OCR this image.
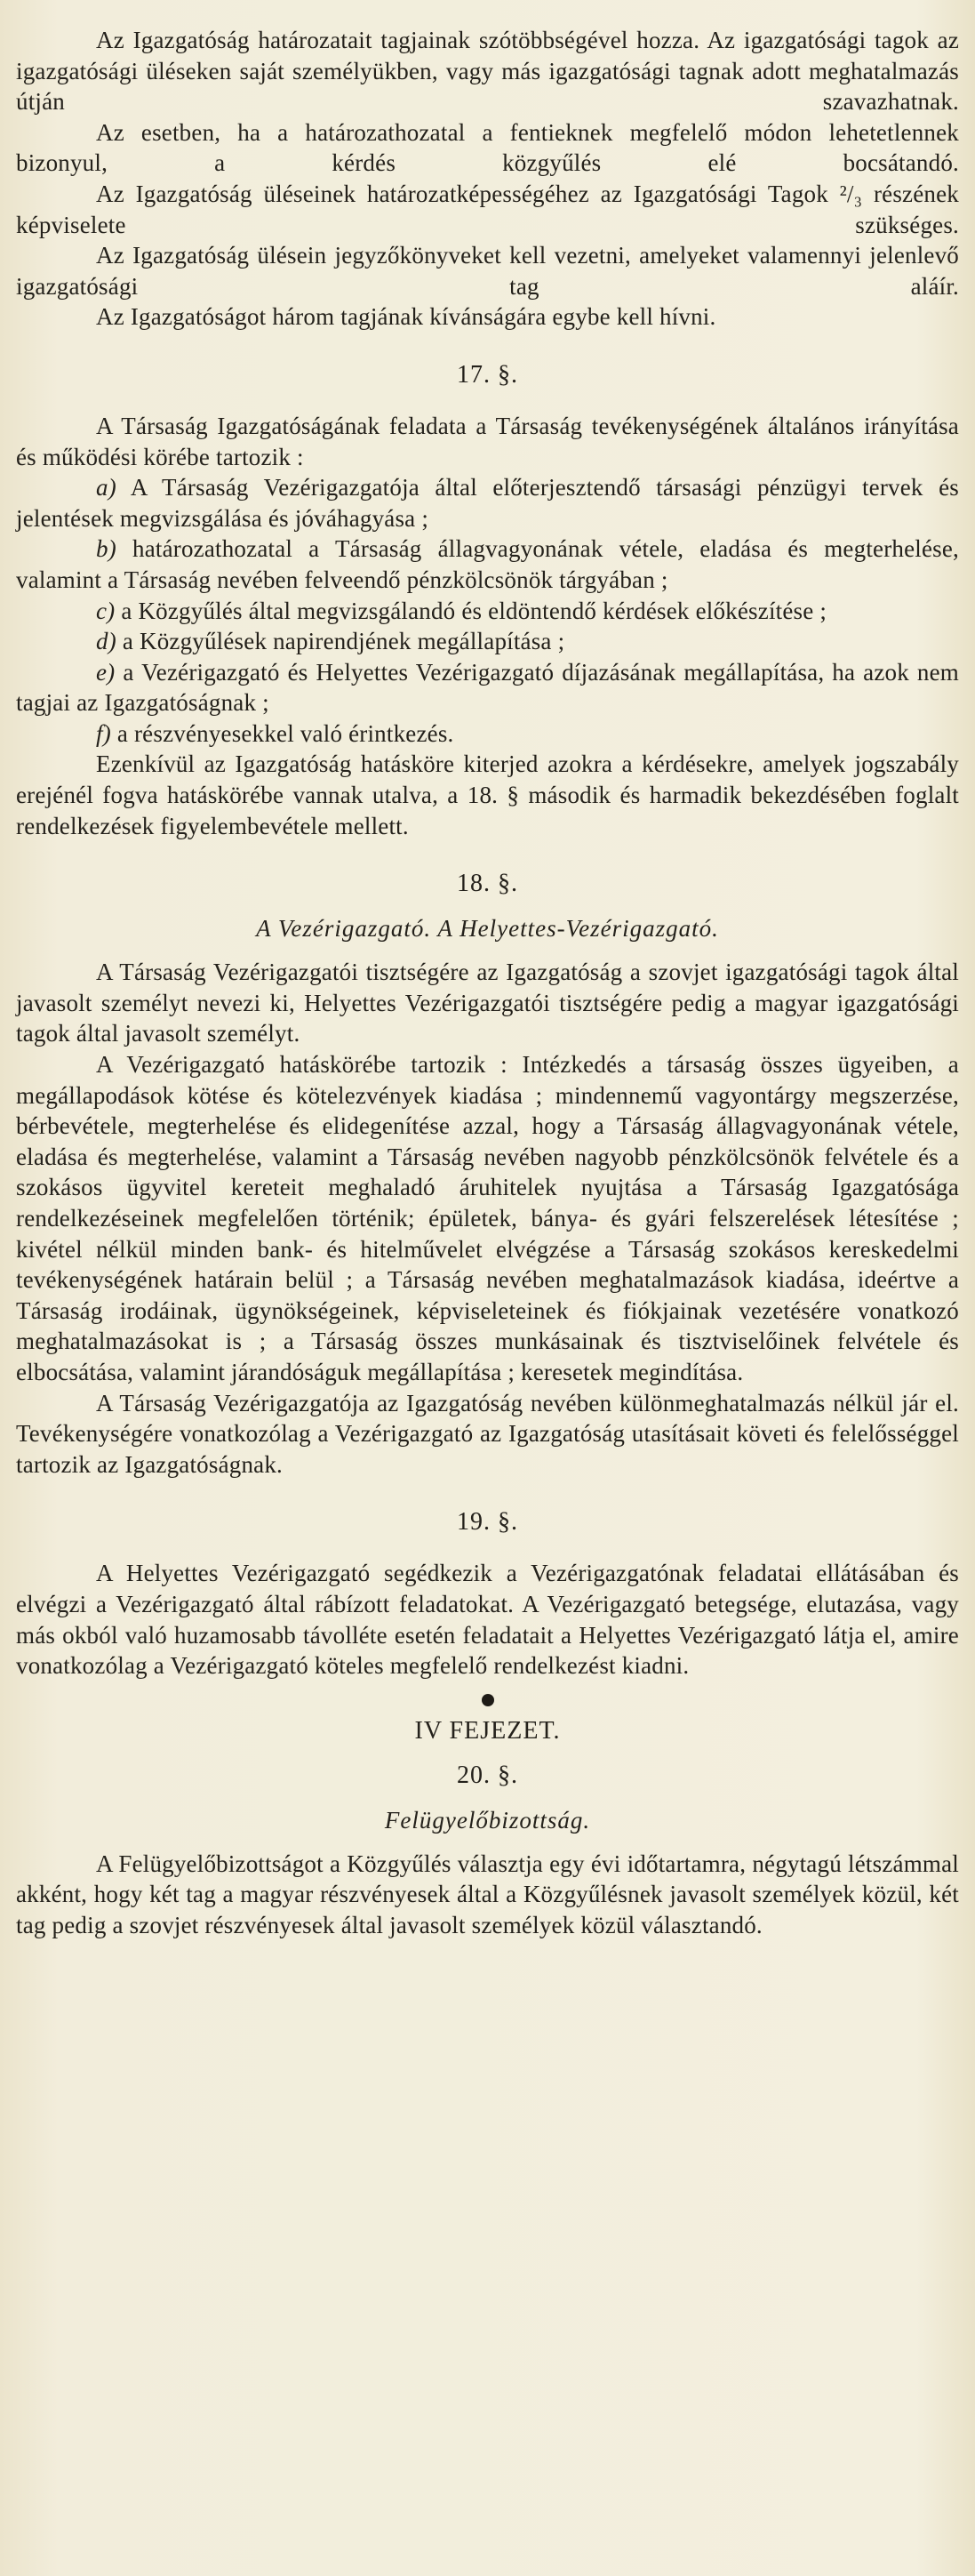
Az Igazgatóság határozatait tagjainak szótöbbségével hozza. Az igazgatósági tagok az igazgatósági üléseken saját személyükben, vagy más igazgatósági tagnak adott meghatalmazás útján szavazhatnak.

Az esetben, ha a határozathozatal a fentieknek megfelelő módon lehetetlennek bizonyul, a kérdés közgyűlés elé bocsátandó.

Az Igazgatóság üléseinek határozatképességéhez az Igazgatósági Tagok ²/₃ részének képviselete szükséges.

Az Igazgatóság ülésein jegyzőkönyveket kell vezetni, amelyeket valamennyi jelenlevő igazgatósági tag aláír.

Az Igazgatóságot három tagjának kívánságára egybe kell hívni.

17. §.

A Társaság Igazgatóságának feladata a Társaság tevékenységének általános irányítása és működési körébe tartozik :

a) A Társaság Vezérigazgatója által előterjesztendő társasági pénzügyi tervek és jelentések megvizsgálása és jóváhagyása ;

b) határozathozatal a Társaság állagvagyonának vétele, eladása és megterhelése, valamint a Társaság nevében felveendő pénzkölcsönök tárgyában ;

c) a Közgyűlés által megvizsgálandó és eldöntendő kérdések előkészítése ;

d) a Közgyűlések napirendjének megállapítása ;

e) a Vezérigazgató és Helyettes Vezérigazgató díjazásának megállapítása, ha azok nem tagjai az Igazgatóságnak ;

f) a részvényesekkel való érintkezés.

Ezenkívül az Igazgatóság hatásköre kiterjed azokra a kérdésekre, amelyek jogszabály erejénél fogva hatáskörébe vannak utalva, a 18. § második és harmadik bekezdésében foglalt rendelkezések figyelembevétele mellett.

18. §.
A Vezérigazgató. A Helyettes-Vezérigazgató.

A Társaság Vezérigazgatói tisztségére az Igazgatóság a szovjet igazgatósági tagok által javasolt személyt nevezi ki, Helyettes Vezérigazgatói tisztségére pedig a magyar igazgatósági tagok által javasolt személyt.

A Vezérigazgató hatáskörébe tartozik : Intézkedés a társaság összes ügyeiben, a megállapodások kötése és kötelezvények kiadása ; mindennemű vagyontárgy megszerzése, bérbevétele, megterhelése és elidegenítése azzal, hogy a Társaság állagvagyonának vétele, eladása és megterhelése, valamint a Társaság nevében nagyobb pénzkölcsönök felvétele és a szokásos ügyvitel kereteit meghaladó áruhitelek nyujtása a Társaság Igazgatósága rendelkezéseinek megfelelően történik; épületek, bánya- és gyári felszerelések létesítése ; kivétel nélkül minden bank- és hitelművelet elvégzése a Társaság szokásos kereskedelmi tevékenységének határain belül ; a Társaság nevében meghatalmazások kiadása, ideértve a Társaság irodáinak, ügynökségeinek, képviseleteinek és fiókjainak vezetésére vonatkozó meghatalmazásokat is ; a Társaság összes munkásainak és tisztviselőinek felvétele és elbocsátása, valamint járandóságuk megállapítása ; keresetek megindítása.

A Társaság Vezérigazgatója az Igazgatóság nevében különmeghatalmazás nélkül jár el. Tevékenységére vonatkozólag a Vezérigazgató az Igazgatóság utasításait követi és felelősséggel tartozik az Igazgatóságnak.

19. §.

A Helyettes Vezérigazgató segédkezik a Vezérigazgatónak feladatai ellátásában és elvégzi a Vezérigazgató által rábízott feladatokat. A Vezérigazgató betegsége, elutazása, vagy más okból való huzamosabb távolléte esetén feladatait a Helyettes Vezérigazgató látja el, amire vonatkozólag a Vezérigazgató köteles megfelelő rendelkezést kiadni.

IV FEJEZET.
20. §.
Felügyelőbizottság.

A Felügyelőbizottságot a Közgyűlés választja egy évi időtartamra, négytagú létszámmal akként, hogy két tag a magyar részvényesek által a Közgyűlésnek javasolt személyek közül, két tag pedig a szovjet részvényesek által javasolt személyek közül választandó.
